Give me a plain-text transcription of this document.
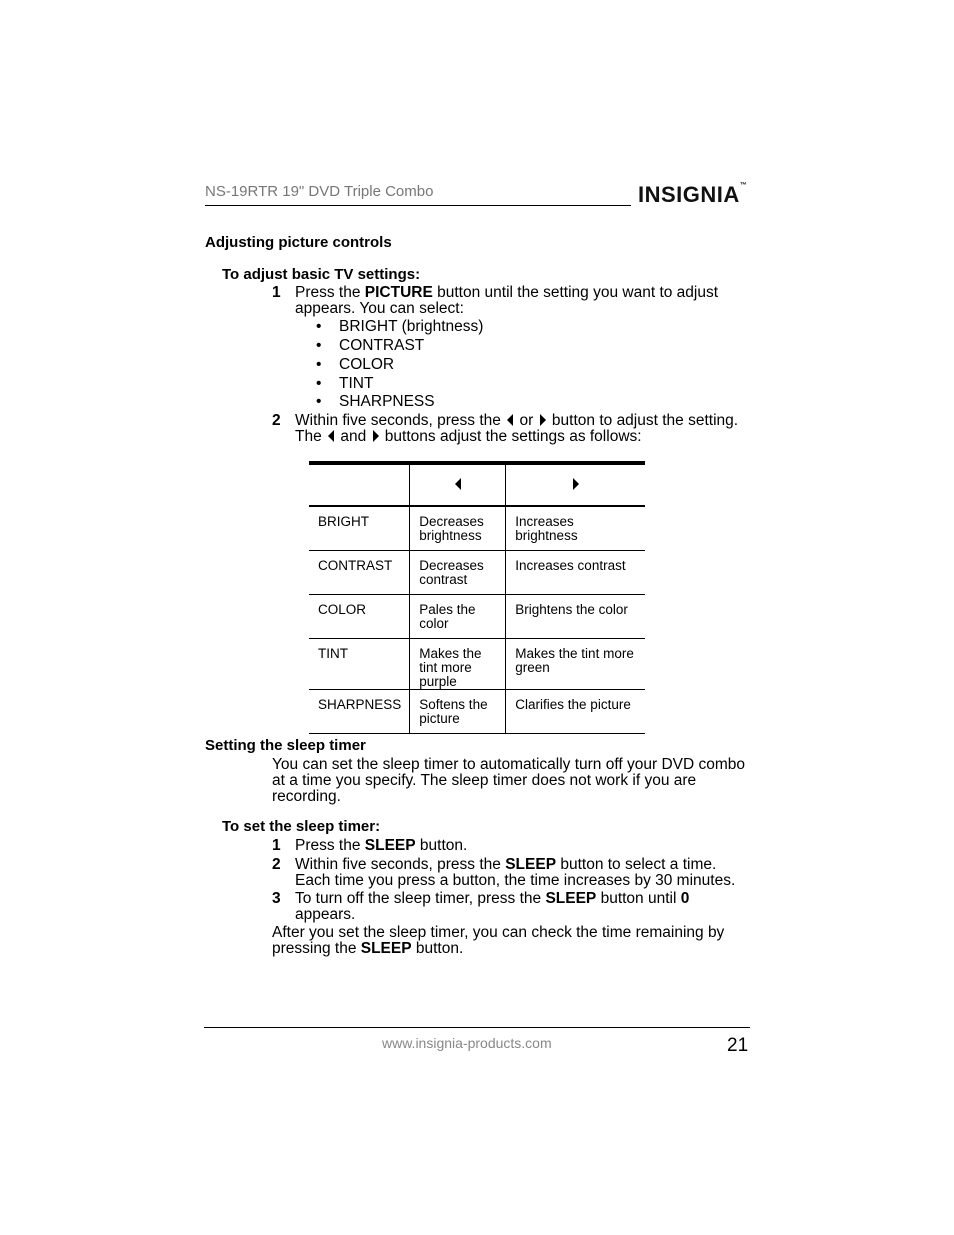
NS-19RTR 19" DVD Triple Combo	INSIGNIA™
Adjusting picture controls
To adjust basic TV settings:
1 Press the PICTURE button until the setting you want to adjust appears. You can select:
• BRIGHT (brightness)
• CONTRAST
• COLOR
• TINT
• SHARPNESS
2 Within five seconds, press the  or  button to adjust the setting. The  and  buttons adjust the settings as follows:

BRIGHT	Decreases brightness	Increases brightness
CONTRAST	Decreases contrast	Increases contrast
COLOR	Pales the color	Brightens the color
TINT	Makes the tint more purple	Makes the tint more green
SHARPNESS	Softens the picture	Clarifies the picture
Setting the sleep timer
You can set the sleep timer to automatically turn off your DVD combo at a time you specify. The sleep timer does not work if you are recording.
To set the sleep timer:
1 Press the SLEEP button.
2 Within five seconds, press the SLEEP button to select a time. Each time you press a button, the time increases by 30 minutes.
3 To turn off the sleep timer, press the SLEEP button until 0 appears.
After you set the sleep timer, you can check the time remaining by pressing the SLEEP button.
www.insignia-products.com	21
